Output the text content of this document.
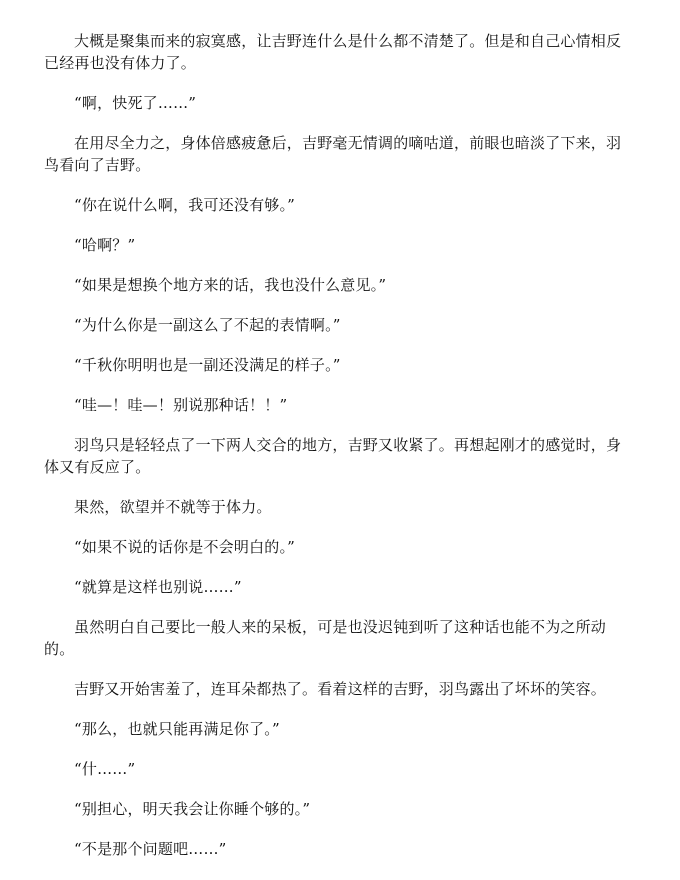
大概是聚集而来的寂寞感，让吉野连什么是什么都不清楚了。但是和自己心情相反已经再也没有体力了。

“啊，快死了……”

在用尽全力之，身体倍感疲惫后，吉野毫无情调的嘀咕道，前眼也暗淡了下来，羽鸟看向了吉野。

“你在说什么啊，我可还没有够。”

“哈啊？”

“如果是想换个地方来的话，我也没什么意见。”

“为什么你是一副这么了不起的表情啊。”

“千秋你明明也是一副还没满足的样子。”

“哇—！哇—！别说那种话！！”

羽鸟只是轻轻点了一下两人交合的地方，吉野又收紧了。再想起刚才的感觉时，身体又有反应了。

果然，欲望并不就等于体力。

“如果不说的话你是不会明白的。”

“就算是这样也别说……”

虽然明白自己要比一般人来的呆板，可是也没迟钝到听了这种话也能不为之所动的。

吉野又开始害羞了，连耳朵都热了。看着这样的吉野，羽鸟露出了坏坏的笑容。

“那么，也就只能再满足你了。”

“什……”

“别担心，明天我会让你睡个够的。”

“不是那个问题吧……”
